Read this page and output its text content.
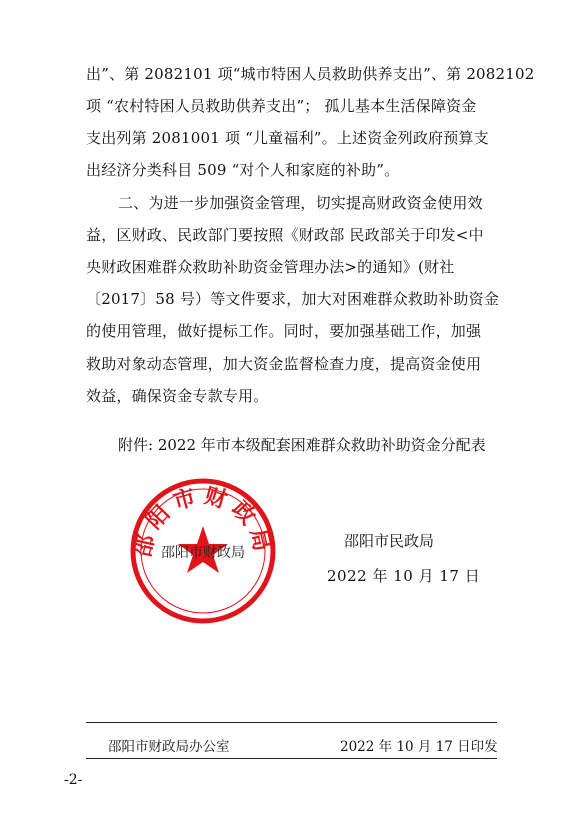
出”、第 2082101 项“城市特困人员救助供养支出”、第 2082102
项 “农村特困人员救助供养支出”； 孤儿基本生活保障资金
支出列第 2081001 项 “儿童福利”。上述资金列政府预算支
出经济分类科目 509 “对个人和家庭的补助”。
二、为进一步加强资金管理，切实提高财政资金使用效
益，区财政、民政部门要按照《财政部 民政部关于印发<中
央财政困难群众救助补助资金管理办法>的通知》(财社
〔2017〕58 号）等文件要求，加大对困难群众救助补助资金
的使用管理，做好提标工作。同时，要加强基础工作，加强
救助对象动态管理，加大资金监督检查力度，提高资金使用
效益，确保资金专款专用。
附件: 2022 年市本级配套困难群众救助补助资金分配表
邵阳市财政局
邵阳市财政局
邵阳市民政局
2022 年 10 月 17 日
邵阳市财政局办公室	2022 年 10 月 17 日印发
-2-
